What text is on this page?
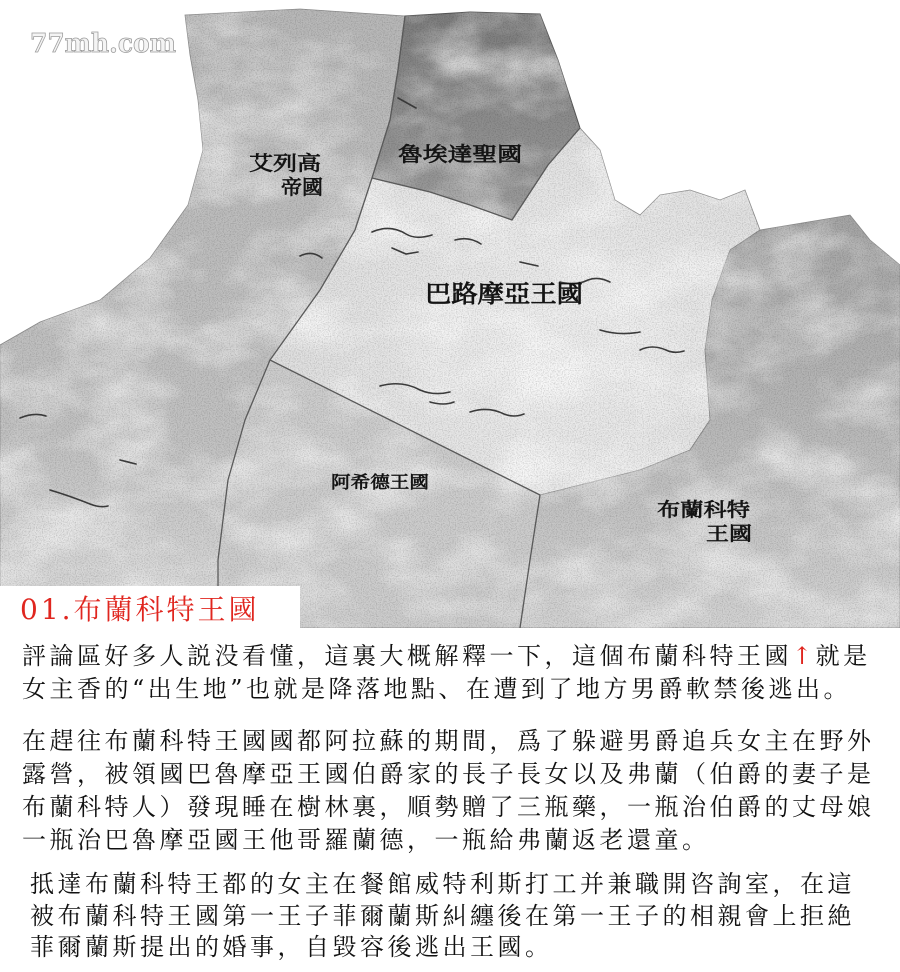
艾列高
帝國
魯埃達聖國
巴路摩亞王國
阿希德王國
布蘭科特
王國
77mh.com
01.布蘭科特王國
評論區好多人説没看懂，這裏大概解釋一下，這個布蘭科特王國↑就是
女主香的“出生地”也就是降落地點、在遭到了地方男爵軟禁後逃出。
在趕往布蘭科特王國國都阿拉蘇的期間，爲了躲避男爵追兵女主在野外
露營，被領國巴魯摩亞王國伯爵家的長子長女以及弗蘭（伯爵的妻子是
布蘭科特人）發現睡在樹林裏，順勢贈了三瓶藥，一瓶治伯爵的丈母娘
一瓶治巴魯摩亞國王他哥羅蘭德，一瓶給弗蘭返老還童。
抵達布蘭科特王都的女主在餐館威特利斯打工并兼職開咨詢室，在這
被布蘭科特王國第一王子菲爾蘭斯糾纏後在第一王子的相親會上拒絶
菲爾蘭斯提出的婚事，自毀容後逃出王國。
